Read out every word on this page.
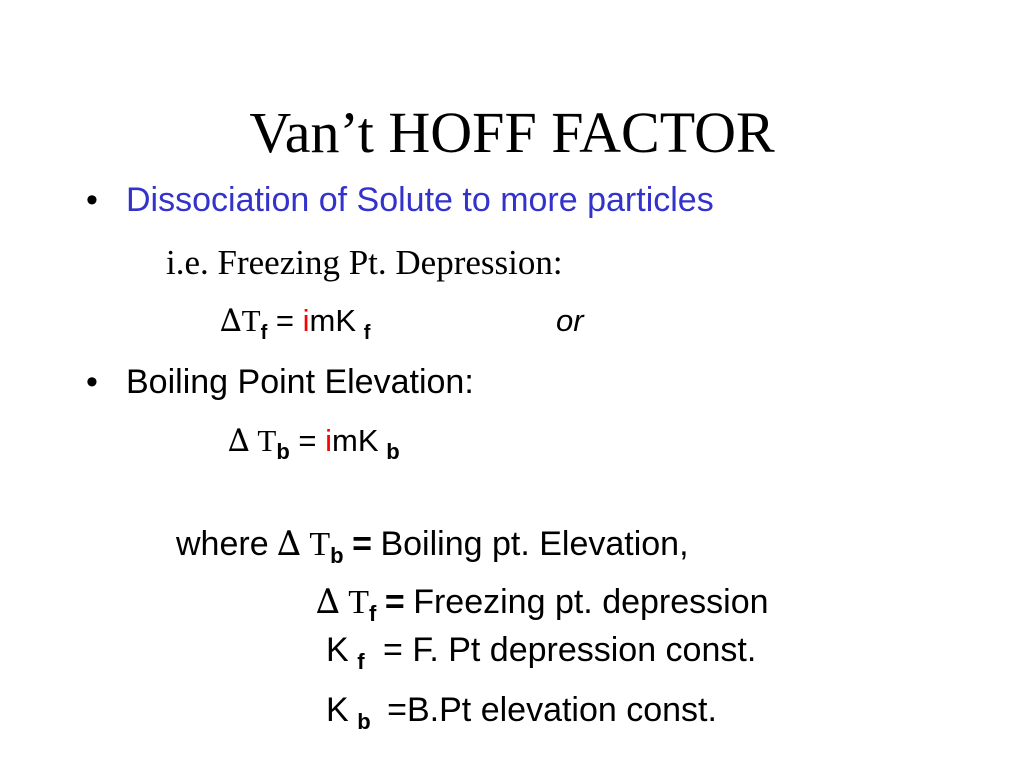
Van’t HOFF FACTOR
• Dissociation of Solute to more particles
i.e. Freezing Pt. Depression:
$\Delta T_f$ = imK $_f$	or
• Boiling Point Elevation:
∆ $T_b$ = imK $_b$
where ∆ $T_b$ = Boiling pt. Elevation,
∆ $T_f$ = Freezing pt. depression
K $_f$ = F. Pt depression const.
K $_b$ =B.Pt elevation const.
